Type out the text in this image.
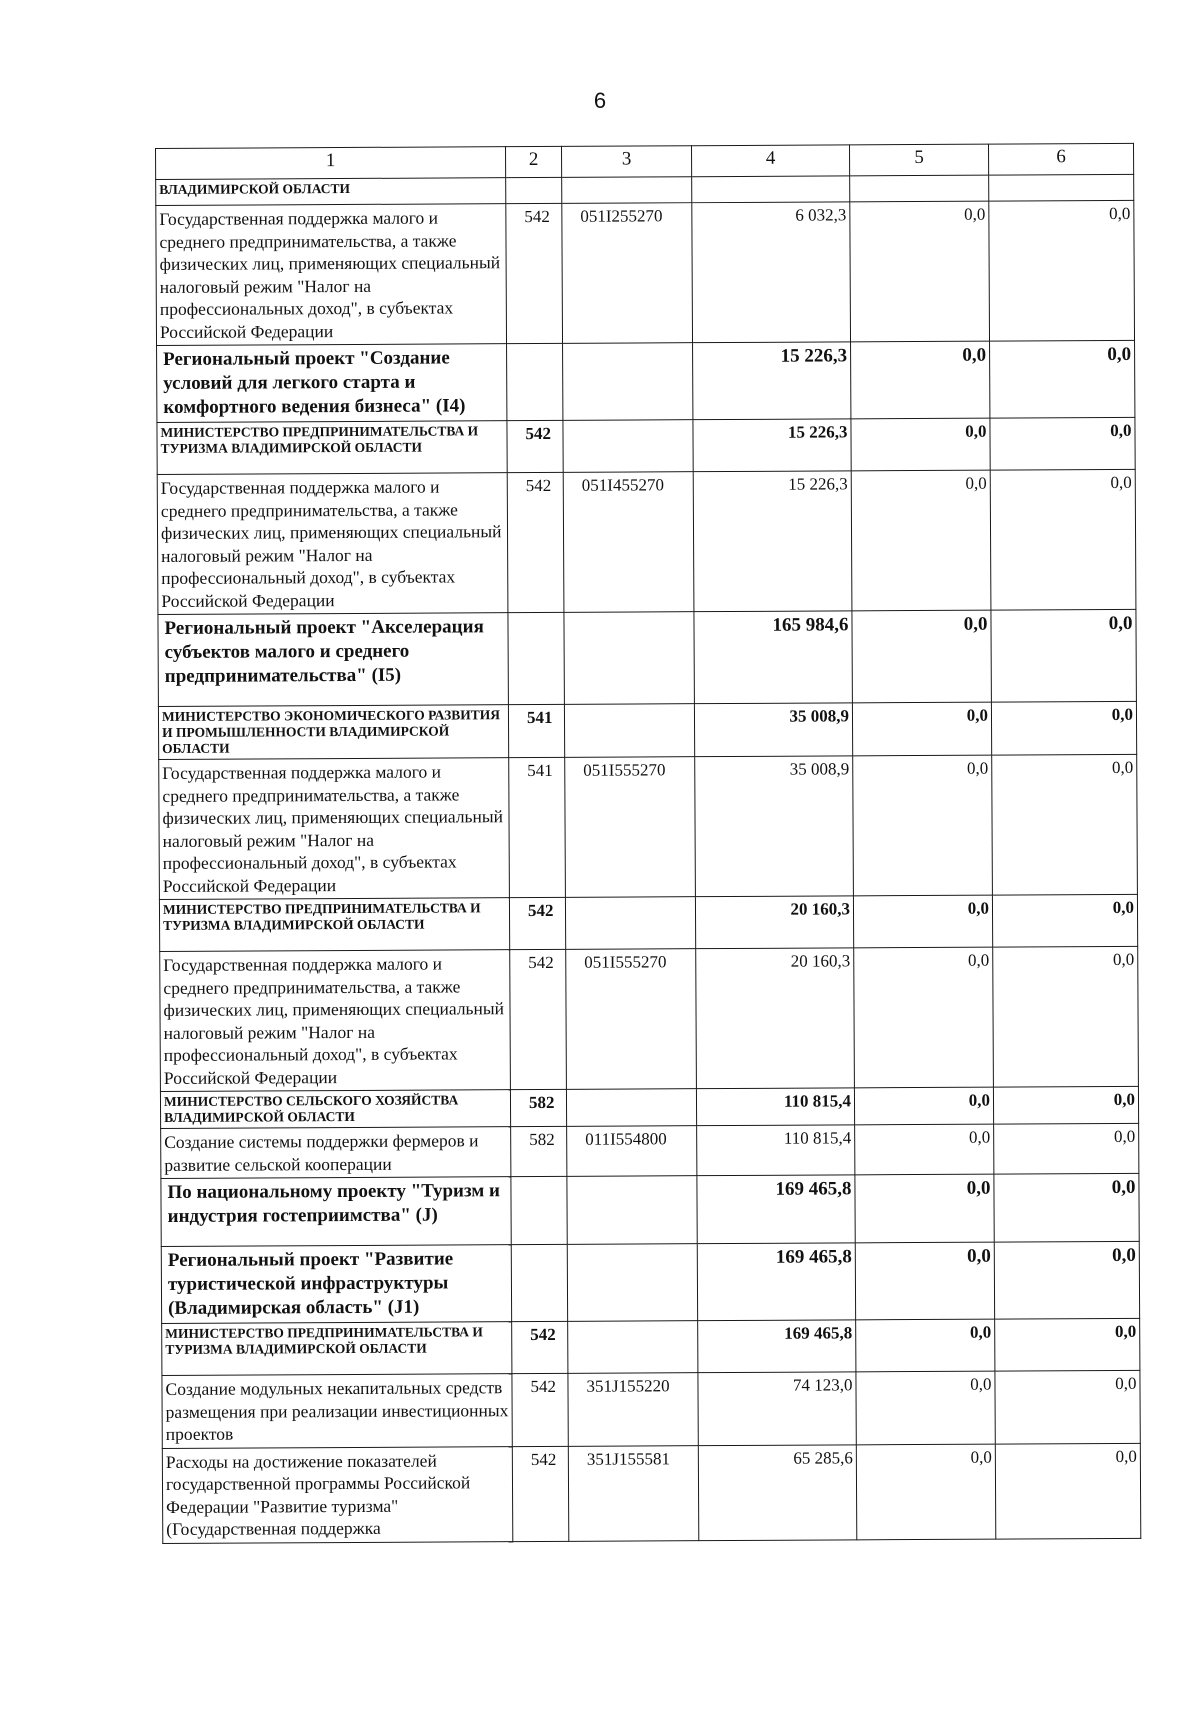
6
1	2	3	4	5	6
ВЛАДИМИРСКОЙ ОБЛАСТИ					
Государственная поддержка малого и среднего предпринимательства, а также физических лиц, применяющих специальный налоговый режим "Налог на профессиональных доход", в субъектах Российской Федерации	542	051I255270	6 032,3	0,0	0,0
Региональный проект "Создание условий для легкого старта и комфортного ведения бизнеса" (I4)			15 226,3	0,0	0,0
МИНИСТЕРСТВО ПРЕДПРИНИМАТЕЛЬСТВА И ТУРИЗМА ВЛАДИМИРСКОЙ ОБЛАСТИ	542		15 226,3	0,0	0,0
Государственная поддержка малого и среднего предпринимательства, а также физических лиц, применяющих специальный налоговый режим "Налог на профессиональный доход", в субъектах Российской Федерации	542	051I455270	15 226,3	0,0	0,0
Региональный проект "Акселерация субъектов малого и среднего предпринимательства" (I5)			165 984,6	0,0	0,0
МИНИСТЕРСТВО ЭКОНОМИЧЕСКОГО РАЗВИТИЯ И ПРОМЫШЛЕННОСТИ ВЛАДИМИРСКОЙ ОБЛАСТИ	541		35 008,9	0,0	0,0
Государственная поддержка малого и среднего предпринимательства, а также физических лиц, применяющих специальный налоговый режим "Налог на профессиональный доход", в субъектах Российской Федерации	541	051I555270	35 008,9	0,0	0,0
МИНИСТЕРСТВО ПРЕДПРИНИМАТЕЛЬСТВА И ТУРИЗМА ВЛАДИМИРСКОЙ ОБЛАСТИ	542		20 160,3	0,0	0,0
Государственная поддержка малого и среднего предпринимательства, а также физических лиц, применяющих специальный налоговый режим "Налог на профессиональный доход", в субъектах Российской Федерации	542	051I555270	20 160,3	0,0	0,0
МИНИСТЕРСТВО СЕЛЬСКОГО ХОЗЯЙСТВА ВЛАДИМИРСКОЙ ОБЛАСТИ	582		110 815,4	0,0	0,0
Создание системы поддержки фермеров и развитие сельской кооперации	582	011I554800	110 815,4	0,0	0,0
По национальному проекту "Туризм и индустрия гостеприимства" (J)			169 465,8	0,0	0,0
Региональный проект "Развитие туристической инфраструктуры (Владимирская область" (J1)			169 465,8	0,0	0,0
МИНИСТЕРСТВО ПРЕДПРИНИМАТЕЛЬСТВА И ТУРИЗМА ВЛАДИМИРСКОЙ ОБЛАСТИ	542		169 465,8	0,0	0,0
Создание модульных некапитальных средств размещения при реализации инвестиционных проектов	542	351J155220	74 123,0	0,0	0,0
Расходы на достижение показателей государственной программы Российской Федерации "Развитие туризма" (Государственная поддержка	542	351J155581	65 285,6	0,0	0,0
